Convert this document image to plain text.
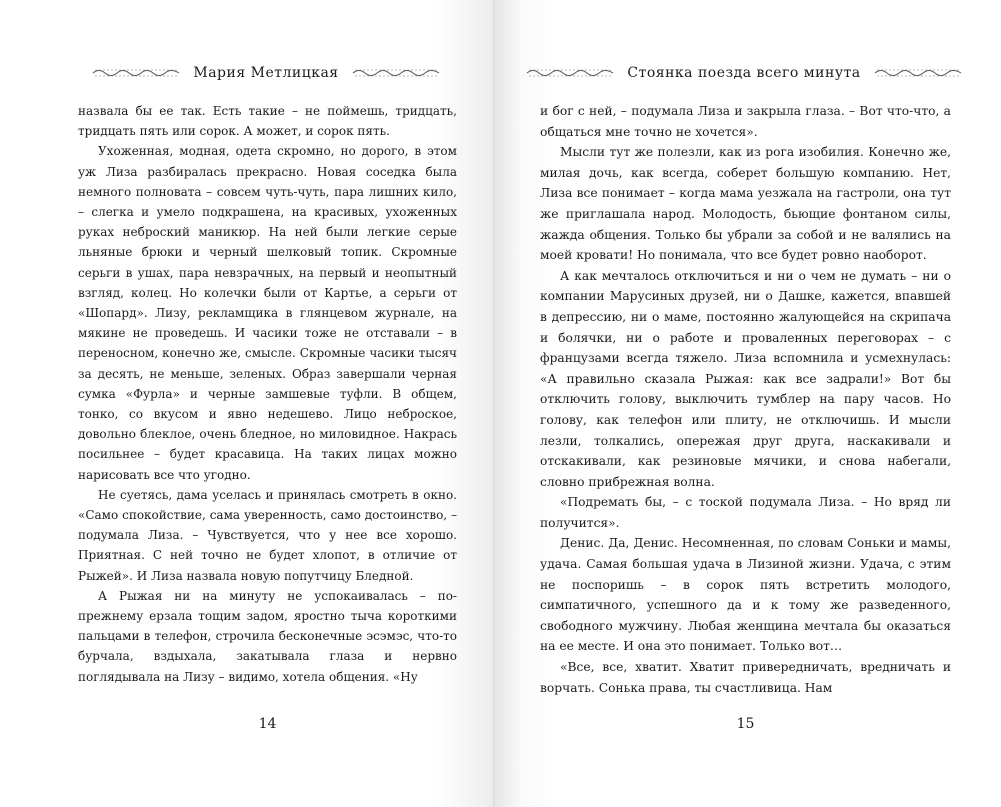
Мария Метлицкая

назвала бы ее так. Есть такие – не поймешь, тридцать, тридцать пять или сорок. А может, и сорок пять.

Ухоженная, модная, одета скромно, но дорого, в этом уж Лиза разбиралась прекрасно. Новая соседка была немного полновата – совсем чуть-чуть, пара лишних кило, – слегка и умело подкрашена, на красивых, ухоженных руках неброский маникюр. На ней были легкие серые льняные брюки и черный шелковый топик. Скромные серьги в ушах, пара невзрачных, на первый и неопытный взгляд, колец. Но колечки были от Картье, а серьги от «Шопард». Лизу, рекламщика в глянцевом журнале, на мякине не проведешь. И часики тоже не отставали – в переносном, конечно же, смысле. Скромные часики тысяч за десять, не меньше, зеленых. Образ завершали черная сумка «Фурла» и черные замшевые туфли. В общем, тонко, со вкусом и явно недешево. Лицо неброское, довольно блеклое, очень бледное, но миловидное. Накрась посильнее – будет красавица. На таких лицах можно нарисовать все что угодно.

Не суетясь, дама уселась и принялась смотреть в окно. «Само спокойствие, сама уверенность, само достоинство, – подумала Лиза. – Чувствуется, что у нее все хорошо. Приятная. С ней точно не будет хлопот, в отличие от Рыжей». И Лиза назвала новую попутчицу Бледной.

А Рыжая ни на минуту не успокаивалась – по-прежнему ерзала тощим задом, яростно тыча короткими пальцами в телефон, строчила бесконечные эсэмэс, что-то бурчала, вздыхала, закатывала глаза и нервно поглядывала на Лизу – видимо, хотела общения. «Ну

14
Стоянка поезда всего минута

и бог с ней, – подумала Лиза и закрыла глаза. – Вот что-что, а общаться мне точно не хочется».

Мысли тут же полезли, как из рога изобилия. Конечно же, милая дочь, как всегда, соберет большую компанию. Нет, Лиза все понимает – когда мама уезжала на гастроли, она тут же приглашала народ. Молодость, бьющие фонтаном силы, жажда общения. Только бы убрали за собой и не валялись на моей кровати! Но понимала, что все будет ровно наоборот.

А как мечталось отключиться и ни о чем не думать – ни о компании Марусиных друзей, ни о Дашке, кажется, впавшей в депрессию, ни о маме, постоянно жалующейся на скрипача и болячки, ни о работе и проваленных переговорах – с французами всегда тяжело. Лиза вспомнила и усмехнулась: «А правильно сказала Рыжая: как все задрали!» Вот бы отключить голову, выключить тумблер на пару часов. Но голову, как телефон или плиту, не отключишь. И мысли лезли, толкались, опережая друг друга, наскакивали и отскакивали, как резиновые мячики, и снова набегали, словно прибрежная волна.

«Подремать бы, – с тоской подумала Лиза. – Но вряд ли получится».

Денис. Да, Денис. Несомненная, по словам Соньки и мамы, удача. Самая большая удача в Лизиной жизни. Удача, с этим не поспоришь – в сорок пять встретить молодого, симпатичного, успешного да и к тому же разведенного, свободного мужчину. Любая женщина мечтала бы оказаться на ее месте. И она это понимает. Только вот…

«Все, все, хватит. Хватит привередничать, вредничать и ворчать. Сонька права, ты счастливица. Нам

15
